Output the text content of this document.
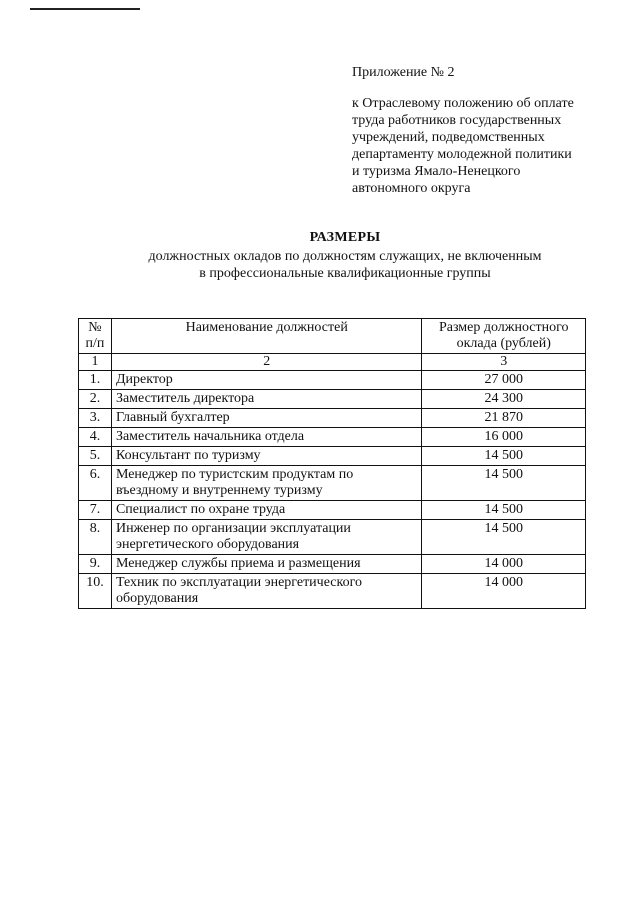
Приложение № 2
к Отраслевому положению об оплате
труда работников государственных
учреждений, подведомственных
департаменту молодежной политики
и туризма Ямало-Ненецкого
автономного округа
РАЗМЕРЫ
должностных окладов по должностям служащих, не включенным
в профессиональные квалификационные группы
№ п/п	Наименование должностей	Размер должностного оклада (рублей)
1	2	3
1.	Директор	27 000
2.	Заместитель директора	24 300
3.	Главный бухгалтер	21 870
4.	Заместитель начальника отдела	16 000
5.	Консультант по туризму	14 500
6.	Менеджер по туристским продуктам по въездному и внутреннему туризму	14 500
7.	Специалист по охране труда	14 500
8.	Инженер по организации эксплуатации энергетического оборудования	14 500
9.	Менеджер службы приема и размещения	14 000
10.	Техник по эксплуатации энергетического оборудования	14 000
